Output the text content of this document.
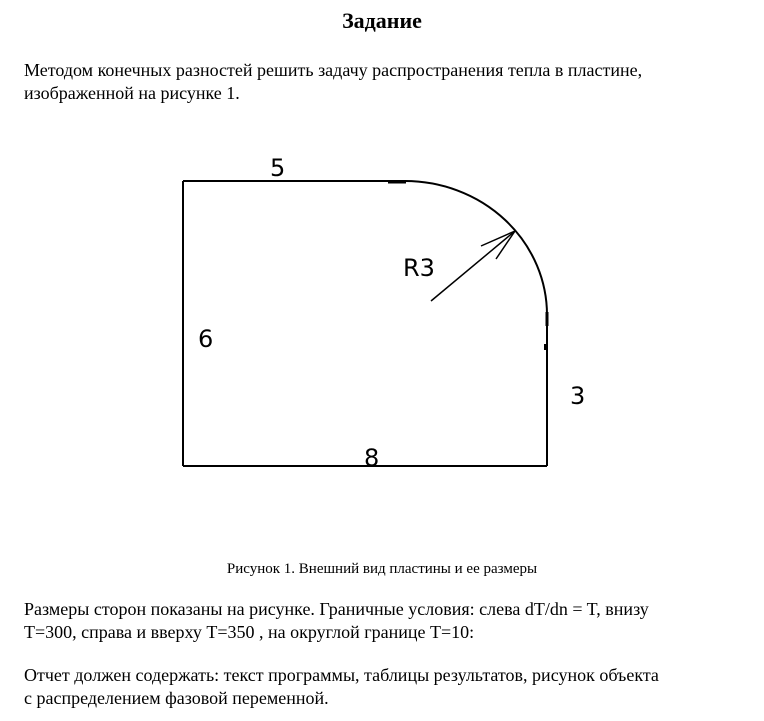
Задание
Методом конечных разностей решить задачу распространения тепла в пластине,
изображенной на рисунке 1.
5
6
8
3
R3
Рисунок 1. Внешний вид пластины и ее размеры
Размеры сторон показаны на рисунке. Граничные условия: слева dT/dn = T, внизу
T=300, справа и вверху T=350 , на округлой границе T=10:
Отчет должен содержать: текст программы, таблицы результатов, рисунок объекта
с распределением фазовой переменной.
